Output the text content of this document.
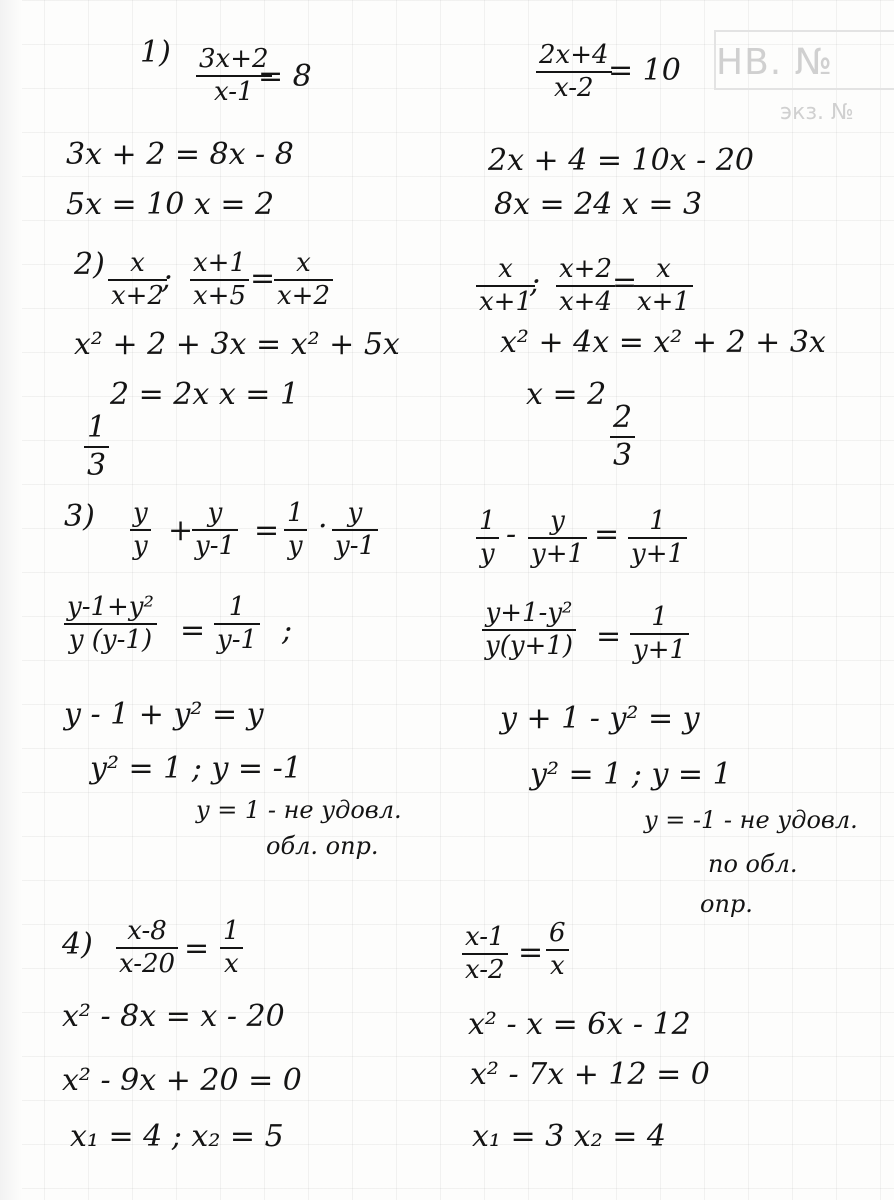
НВ. №
экз. №
1) 3x+2
x-1 = 8
3x + 2 = 8x - 8
5x = 10 x = 2
2) x
x+2
; x+1
x+5
= x
x+2
x² + 2 + 3x = x² + 5x
2 = 2x x = 1
1
3
3) y
y + y
y-1 = 1
y
· y
y-1
y-1+y²
y (y-1) =
1
y-1 ;
y - 1 + y² = y
y² = 1 ; y = -1
y = 1 - не удовл.
обл. опр.
4) x-8
x-20 = 1
x
x² - 8x = x - 20
x² - 9x + 20 = 0
x₁ = 4 ; x₂ = 5
2x+4
x-2
= 10
2x + 4 = 10x - 20
8x = 24 x = 3
x
x+1
; x+2
x+4
= x
x+1
x² + 4x = x² + 2 + 3x
x = 2
2
3
1
y
- y
y+1
= 1
y+1
y+1-y²
y(y+1) =
1
y+1
y + 1 - y² = y
y² = 1 ; y = 1
y = -1 - не удовл.
по обл.
опр.
x-1
x-2
=
6
x
x² - x = 6x - 12
x² - 7x + 12 = 0
x₁ = 3 x₂ = 4
